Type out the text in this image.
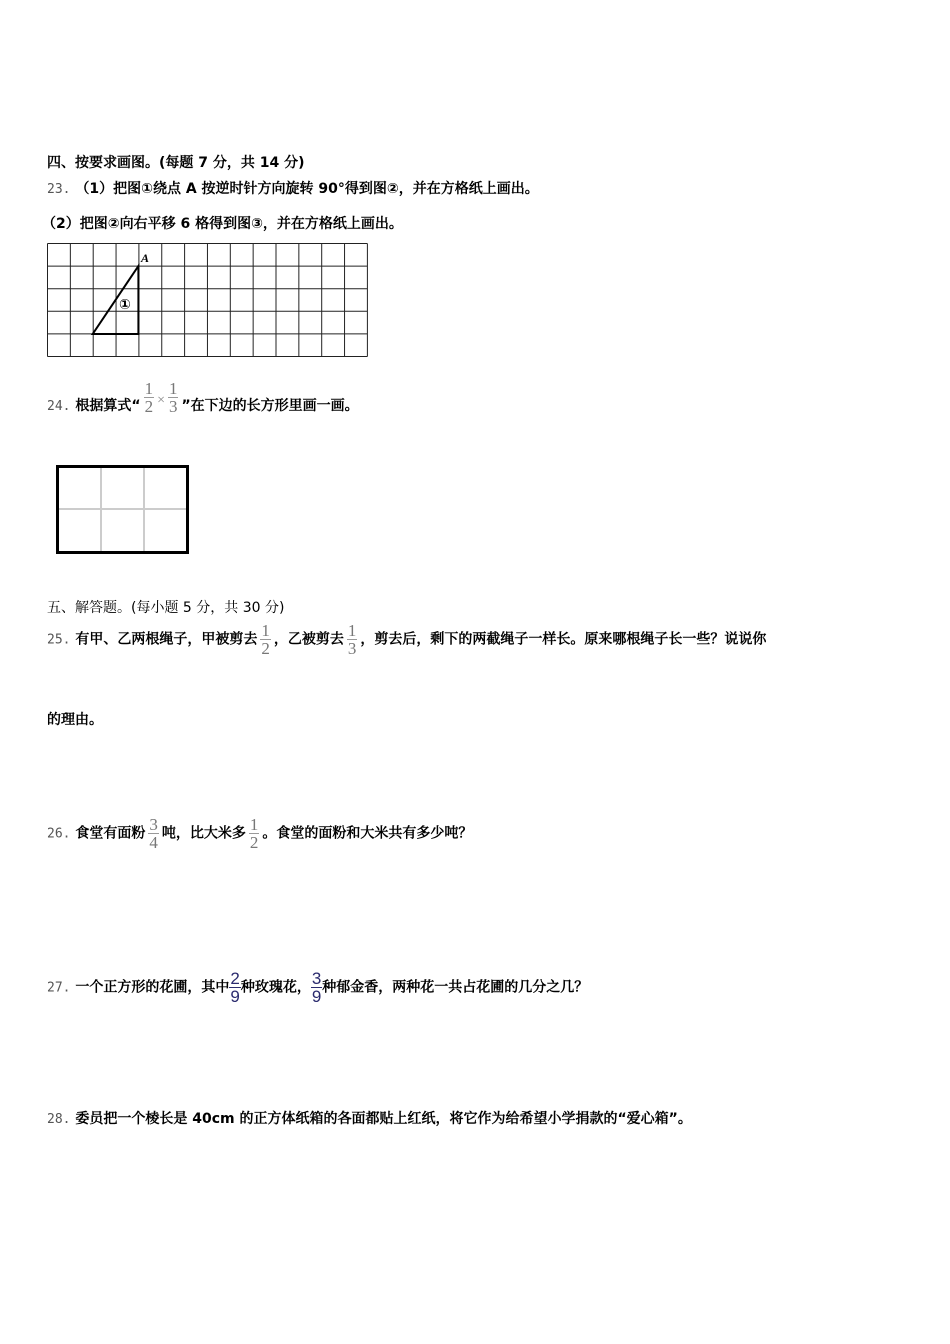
四、按要求画图。(每题 7 分，共 14 分)
23. （1）把图①绕点 A 按逆时针方向旋转 90°得到图②，并在方格纸上画出。
（2）把图②向右平移 6 格得到图③，并在方格纸上画出。
A
①
24. 根据算式“ $\frac{1}{2} \times \frac{1}{3}$ ”在下边的长方形里画一画。
五、解答题。(每小题 5 分，共 30 分)
25. 有甲、乙两根绳子，甲被剪去 $\frac{1}{2}$ ，乙被剪去 $\frac{1}{3}$ ，剪去后，剩下的两截绳子一样长。原来哪根绳子长一些？说说你
的理由。
26. 食堂有面粉 $\frac{3}{4}$ 吨，比大米多 $\frac{1}{2}$ 。食堂的面粉和大米共有多少吨？
27. 一个正方形的花圃，其中 $\frac{2}{9}$ 种玫瑰花， $\frac{3}{9}$ 种郁金香，两种花一共占花圃的几分之几？
28. 委员把一个棱长是 40cm 的正方体纸箱的各面都贴上红纸，将它作为给希望小学捐款的“爱心箱”。
